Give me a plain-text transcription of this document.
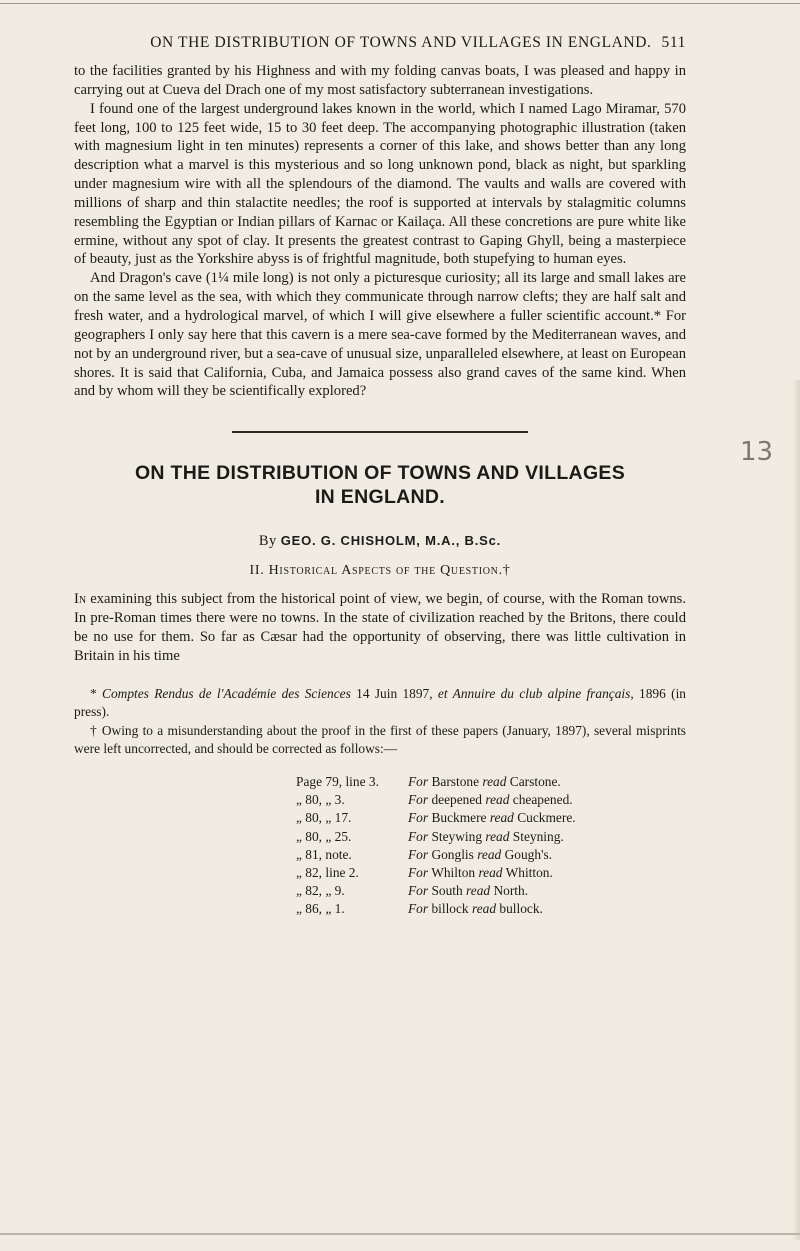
ON THE DISTRIBUTION OF TOWNS AND VILLAGES IN ENGLAND. 511

to the facilities granted by his Highness and with my folding canvas boats, I was pleased and happy in carrying out at Cueva del Drach one of my most satisfactory subterranean investigations.

I found one of the largest underground lakes known in the world, which I named Lago Miramar, 570 feet long, 100 to 125 feet wide, 15 to 30 feet deep. The accompanying photographic illustration (taken with magnesium light in ten minutes) represents a corner of this lake, and shows better than any long description what a marvel is this mysterious and so long unknown pond, black as night, but sparkling under magnesium wire with all the splendours of the diamond. The vaults and walls are covered with millions of sharp and thin stalactite needles; the roof is supported at intervals by stalagmitic columns resembling the Egyptian or Indian pillars of Karnac or Kailaça. All these concretions are pure white like ermine, without any spot of clay. It presents the greatest contrast to Gaping Ghyll, being a masterpiece of beauty, just as the Yorkshire abyss is of frightful magnitude, both stupefying to human eyes.

And Dragon's cave (1¼ mile long) is not only a picturesque curiosity; all its large and small lakes are on the same level as the sea, with which they communicate through narrow clefts; they are half salt and fresh water, and a hydrological marvel, of which I will give elsewhere a fuller scientific account.* For geographers I only say here that this cavern is a mere sea-cave formed by the Mediterranean waves, and not by an underground river, but a sea-cave of unusual size, unparalleled elsewhere, at least on European shores. It is said that California, Cuba, and Jamaica possess also grand caves of the same kind. When and by whom will they be scientifically explored?

13
ON THE DISTRIBUTION OF TOWNS AND VILLAGES
IN ENGLAND.
By GEO. G. CHISHOLM, M.A., B.Sc.
II. Historical Aspects of the Question.†

In examining this subject from the historical point of view, we begin, of course, with the Roman towns. In pre-Roman times there were no towns. In the state of civilization reached by the Britons, there could be no use for them. So far as Cæsar had the opportunity of observing, there was little cultivation in Britain in his time

* Comptes Rendus de l'Académie des Sciences 14 Juin 1897, et Annuire du club alpine français, 1896 (in press).

† Owing to a misunderstanding about the proof in the first of these papers (January, 1897), several misprints were left uncorrected, and should be corrected as follows:—

Page 79, line 3.	For Barstone read Carstone.
„ 80, „ 3.	For deepened read cheapened.
„ 80, „ 17.	For Buckmere read Cuckmere.
„ 80, „ 25.	For Steywing read Steyning.
„ 81, note.	For Gonglis read Gough's.
„ 82, line 2.	For Whilton read Whitton.
„ 82, „ 9.	For South read North.
„ 86, „ 1.	For billock read bullock.
